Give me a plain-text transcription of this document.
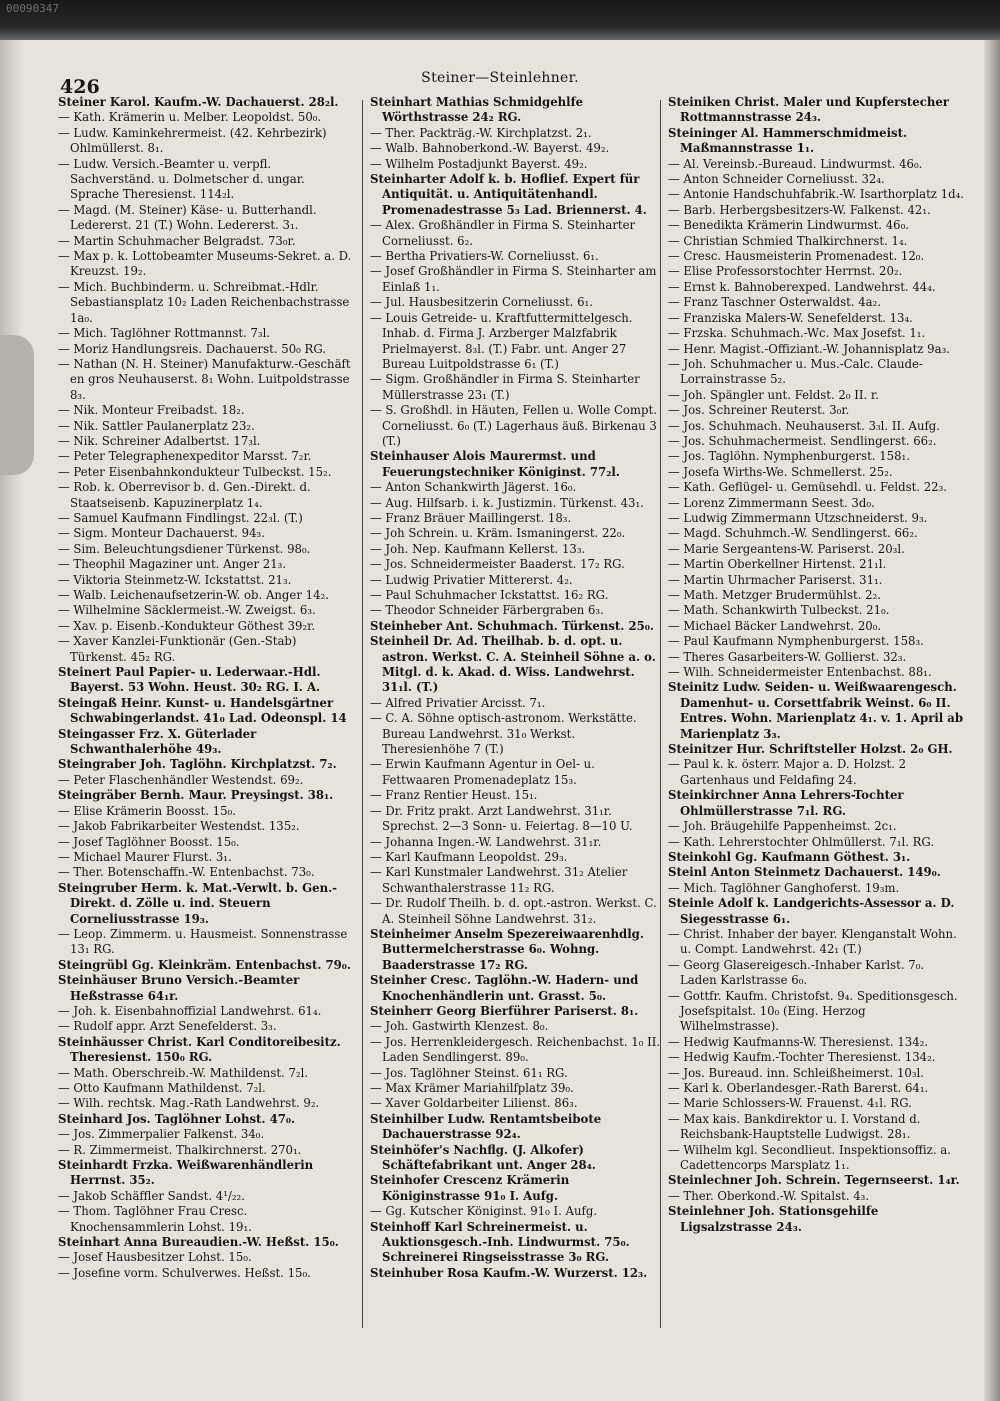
00090347
426	Steiner—Steinlehner.
Steiner Karol. Kaufm.-W. Dachauerst. 28₂l.
— Kath. Krämerin u. Melber. Leopoldst. 50₀.
— Ludw. Kaminkehrermeist. (42. Kehrbezirk) Ohlmüllerst. 8₁.
— Ludw. Versich.-Beamter u. verpfl. Sachverständ. u. Dolmetscher d. ungar. Sprache Theresienst. 114₂l.
— Magd. (M. Steiner) Käse- u. Butterhandl. Ledererst. 21 (T.) Wohn. Ledererst. 3₁.
— Martin Schuhmacher Belgradst. 73₀r.
— Max p. k. Lottobeamter Museums-Sekret. a. D. Kreuzst. 19₂.
— Mich. Buchbinderm. u. Schreibmat.-Hdlr. Sebastiansplatz 10₂ Laden Reichenbachstrasse 1a₀.
— Mich. Taglöhner Rottmannst. 7₃l.
— Moriz Handlungsreis. Dachauerst. 50₀ RG.
— Nathan (N. H. Steiner) Manufakturw.-Geschäft en gros Neuhauserst. 8₁ Wohn. Luitpoldstrasse 8₃.
— Nik. Monteur Freibadst. 18₂.
— Nik. Sattler Paulanerplatz 23₂.
— Nik. Schreiner Adalbertst. 17₃l.
— Peter Telegraphenexpeditor Marsst. 7₂r.
— Peter Eisenbahnkondukteur Tulbeckst. 15₂.
— Rob. k. Oberrevisor b. d. Gen.-Direkt. d. Staatseisenb. Kapuzinerplatz 1₄.
— Samuel Kaufmann Findlingst. 22₃l. (T.)
— Sigm. Monteur Dachauerst. 94₃.
— Sim. Beleuchtungsdiener Türkenst. 98₀.
— Theophil Magaziner unt. Anger 21₃.
— Viktoria Steinmetz-W. Ickstattst. 21₃.
— Walb. Leichenaufsetzerin-W. ob. Anger 14₂.
— Wilhelmine Säcklermeist.-W. Zweigst. 6₃.
— Xav. p. Eisenb.-Kondukteur Göthest 39₂r.
— Xaver Kanzlei-Funktionär (Gen.-Stab) Türkenst. 45₂ RG.
Steinert Paul Papier- u. Lederwaar.-Hdl. Bayerst. 53 Wohn. Heust. 30₂ RG. I. A.
Steingaß Heinr. Kunst- u. Handelsgärtner Schwabingerlandst. 41₀ Lad. Odeonspl. 14
Steingasser Frz. X. Güterlader Schwanthalerhöhe 49₃.
Steingraber Joh. Taglöhn. Kirchplatzst. 7₂.
— Peter Flaschenhändler Westendst. 69₂.
Steingräber Bernh. Maur. Preysingst. 38₁.
— Elise Krämerin Boosst. 15₀.
— Jakob Fabrikarbeiter Westendst. 135₂.
— Josef Taglöhner Boosst. 15₀.
— Michael Maurer Flurst. 3₁.
— Ther. Botenschaffn.-W. Entenbachst. 73₀.
Steingruber Herm. k. Mat.-Verwlt. b. Gen.-Direkt. d. Zölle u. ind. Steuern Corneliusstrasse 19₃.
— Leop. Zimmerm. u. Hausmeist. Sonnenstrasse 13₁ RG.
Steingrübl Gg. Kleinkräm. Entenbachst. 79₀.
Steinhäuser Bruno Versich.-Beamter Heßstrasse 64₁r.
— Joh. k. Eisenbahnoffizial Landwehrst. 61₄.
— Rudolf appr. Arzt Senefelderst. 3₃.
Steinhäusser Christ. Karl Conditoreibesitz. Theresienst. 150₀ RG.
— Math. Oberschreib.-W. Mathildenst. 7₂l.
— Otto Kaufmann Mathildenst. 7₂l.
— Wilh. rechtsk. Mag.-Rath Landwehrst. 9₂.
Steinhard Jos. Taglöhner Lohst. 47₀.
— Jos. Zimmerpalier Falkenst. 34₀.
— R. Zimmermeist. Thalkirchnerst. 270₁.
Steinhardt Frzka. Weißwarenhändlerin Herrnst. 35₂.
— Jakob Schäffler Sandst. 4¹/₂₂.
— Thom. Taglöhner Frau Cresc. Knochensammlerin Lohst. 19₁.
Steinhart Anna Bureaudien.-W. Heßst. 15₀.
— Josef Hausbesitzer Lohst. 15₀.
— Josefine vorm. Schulverwes. Heßst. 15₀.
Steinhart Mathias Schmidgehlfe Wörthstrasse 24₂ RG.
— Ther. Packträg.-W. Kirchplatzst. 2₁.
— Walb. Bahnoberkond.-W. Bayerst. 49₂.
— Wilhelm Postadjunkt Bayerst. 49₂.
Steinharter Adolf k. b. Hoflief. Expert für Antiquität. u. Antiquitätenhandl. Promenadestrasse 5₃ Lad. Briennerst. 4.
— Alex. Großhändler in Firma S. Steinharter Corneliusst. 6₂.
— Bertha Privatiers-W. Corneliusst. 6₁.
— Josef Großhändler in Firma S. Steinharter am Einlaß 1₁.
— Jul. Hausbesitzerin Corneliusst. 6₁.
— Louis Getreide- u. Kraftfuttermittelgesch. Inhab. d. Firma J. Arzberger Malzfabrik Prielmayerst. 8₃l. (T.) Fabr. unt. Anger 27 Bureau Luitpoldstrasse 6₁ (T.)
— Sigm. Großhändler in Firma S. Steinharter Müllerstrasse 23₁ (T.)
— S. Großhdl. in Häuten, Fellen u. Wolle Compt. Corneliusst. 6₀ (T.) Lagerhaus äuß. Birkenau 3 (T.)
Steinhauser Alois Maurermst. und Feuerungstechniker Königinst. 77₂l.
— Anton Schankwirth Jägerst. 16₀.
— Aug. Hilfsarb. i. k. Justizmin. Türkenst. 43₁.
— Franz Bräuer Maillingerst. 18₃.
— Joh Schrein. u. Kräm. Ismaningerst. 22₀.
— Joh. Nep. Kaufmann Kellerst. 13₃.
— Jos. Schneidermeister Baaderst. 17₂ RG.
— Ludwig Privatier Mittererst. 4₂.
— Paul Schuhmacher Ickstattst. 16₂ RG.
— Theodor Schneider Färbergraben 6₃.
Steinheber Ant. Schuhmach. Türkenst. 25₀.
Steinheil Dr. Ad. Theilhab. b. d. opt. u. astron. Werkst. C. A. Steinheil Söhne a. o. Mitgl. d. k. Akad. d. Wiss. Landwehrst. 31₁l. (T.)
— Alfred Privatier Arcisst. 7₁.
— C. A. Söhne optisch-astronom. Werkstätte. Bureau Landwehrst. 31₀ Werkst. Theresienhöhe 7 (T.)
— Erwin Kaufmann Agentur in Oel- u. Fettwaaren Promenadeplatz 15₃.
— Franz Rentier Heust. 15₁.
— Dr. Fritz prakt. Arzt Landwehrst. 31₁r. Sprechst. 2—3 Sonn- u. Feiertag. 8—10 U.
— Johanna Ingen.-W. Landwehrst. 31₁r.
— Karl Kaufmann Leopoldst. 29₃.
— Karl Kunstmaler Landwehrst. 31₂ Atelier Schwanthalerstrasse 11₂ RG.
— Dr. Rudolf Theilh. b. d. opt.-astron. Werkst. C. A. Steinheil Söhne Landwehrst. 31₂.
Steinheimer Anselm Spezereiwaarenhdlg. Buttermelcherstrasse 6₀. Wohng. Baaderstrasse 17₂ RG.
Steinher Cresc. Taglöhn.-W. Hadern- und Knochenhändlerin unt. Grasst. 5₀.
Steinherr Georg Bierführer Pariserst. 8₁.
— Joh. Gastwirth Klenzest. 8₀.
— Jos. Herrenkleidergesch. Reichenbachst. 1₀ II. Laden Sendlingerst. 89₀.
— Jos. Taglöhner Steinst. 61₁ RG.
— Max Krämer Mariahilfplatz 39₀.
— Xaver Goldarbeiter Lilienst. 86₃.
Steinhilber Ludw. Rentamtsbeibote Dachauerstrasse 92₄.
Steinhöfer's Nachflg. (J. Alkofer) Schäftefabrikant unt. Anger 28₄.
Steinhofer Crescenz Krämerin Königinstrasse 91₀ I. Aufg.
— Gg. Kutscher Königinst. 91₀ I. Aufg.
Steinhoff Karl Schreinermeist. u. Auktionsgesch.-Inh. Lindwurmst. 75₀. Schreinerei Ringseisstrasse 3₀ RG.
Steinhuber Rosa Kaufm.-W. Wurzerst. 12₃.
Steiniken Christ. Maler und Kupferstecher Rottmannstrasse 24₃.
Steininger Al. Hammerschmidmeist. Maßmannstrasse 1₁.
— Al. Vereinsb.-Bureaud. Lindwurmst. 46₀.
— Anton Schneider Corneliusst. 32₄.
— Antonie Handschuhfabrik.-W. Isarthorplatz 1d₄.
— Barb. Herbergsbesitzers-W. Falkenst. 42₁.
— Benedikta Krämerin Lindwurmst. 46₀.
— Christian Schmied Thalkirchnerst. 1₄.
— Cresc. Hausmeisterin Promenadest. 12₀.
— Elise Professorstochter Herrnst. 20₂.
— Ernst k. Bahnoberexped. Landwehrst. 44₄.
— Franz Taschner Osterwaldst. 4a₂.
— Franziska Malers-W. Senefelderst. 13₄.
— Frzska. Schuhmach.-Wc. Max Josefst. 1₁.
— Henr. Magist.-Offiziant.-W. Johannisplatz 9a₃.
— Joh. Schuhmacher u. Mus.-Calc. Claude-Lorrainstrasse 5₂.
— Joh. Spängler unt. Feldst. 2₀ II. r.
— Jos. Schreiner Reuterst. 3₀r.
— Jos. Schuhmach. Neuhauserst. 3₃l. II. Aufg.
— Jos. Schuhmachermeist. Sendlingerst. 66₂.
— Jos. Taglöhn. Nymphenburgerst. 158₁.
— Josefa Wirths-We. Schmellerst. 25₂.
— Kath. Geflügel- u. Gemüsehdl. u. Feldst. 22₃.
— Lorenz Zimmermann Seest. 3d₀.
— Ludwig Zimmermann Utzschneiderst. 9₃.
— Magd. Schuhmch.-W. Sendlingerst. 66₂.
— Marie Sergeantens-W. Pariserst. 20₃l.
— Martin Oberkellner Hirtenst. 21₁l.
— Martin Uhrmacher Pariserst. 31₁.
— Math. Metzger Brudermühlst. 2₂.
— Math. Schankwirth Tulbeckst. 21₀.
— Michael Bäcker Landwehrst. 20₀.
— Paul Kaufmann Nymphenburgerst. 158₃.
— Theres Gasarbeiters-W. Gollierst. 32₃.
— Wilh. Schneidermeister Entenbachst. 88₁.
Steinitz Ludw. Seiden- u. Weißwaarengesch. Damenhut- u. Corsettfabrik Weinst. 6₀ II. Entres. Wohn. Marienplatz 4₁. v. 1. April ab Marienplatz 3₃.
Steinitzer Hur. Schriftsteller Holzst. 2₀ GH.
— Paul k. k. österr. Major a. D. Holzst. 2 Gartenhaus und Feldafing 24.
Steinkirchner Anna Lehrers-Tochter Ohlmüllerstrasse 7₁l. RG.
— Joh. Bräugehilfe Pappenheimst. 2c₁.
— Kath. Lehrerstochter Ohlmüllerst. 7₁l. RG.
Steinkohl Gg. Kaufmann Göthest. 3₁.
Steinl Anton Steinmetz Dachauerst. 149₀.
— Mich. Taglöhner Ganghoferst. 19₃m.
Steinle Adolf k. Landgerichts-Assessor a. D. Siegesstrasse 6₁.
— Christ. Inhaber der bayer. Klenganstalt Wohn. u. Compt. Landwehrst. 42₁ (T.)
— Georg Glasereigesch.-Inhaber Karlst. 7₀. Laden Karlstrasse 6₀.
— Gottfr. Kaufm. Christofst. 9₄. Speditionsgesch. Josefspitalst. 10₀ (Eing. Herzog Wilhelmstrasse).
— Hedwig Kaufmanns-W. Theresienst. 134₂.
— Hedwig Kaufm.-Tochter Theresienst. 134₂.
— Jos. Bureaud. inn. Schleißheimerst. 10₃l.
— Karl k. Oberlandesger.-Rath Barerst. 64₁.
— Marie Schlossers-W. Frauenst. 4₁l. RG.
— Max kais. Bankdirektor u. I. Vorstand d. Reichsbank-Hauptstelle Ludwigst. 28₁.
— Wilhelm kgl. Secondlieut. Inspektionsoffiz. a. Cadettencorps Marsplatz 1₁.
Steinlechner Joh. Schrein. Tegernseerst. 1₄r.
— Ther. Oberkond.-W. Spitalst. 4₃.
Steinlehner Joh. Stationsgehilfe Ligsalzstrasse 24₃.
